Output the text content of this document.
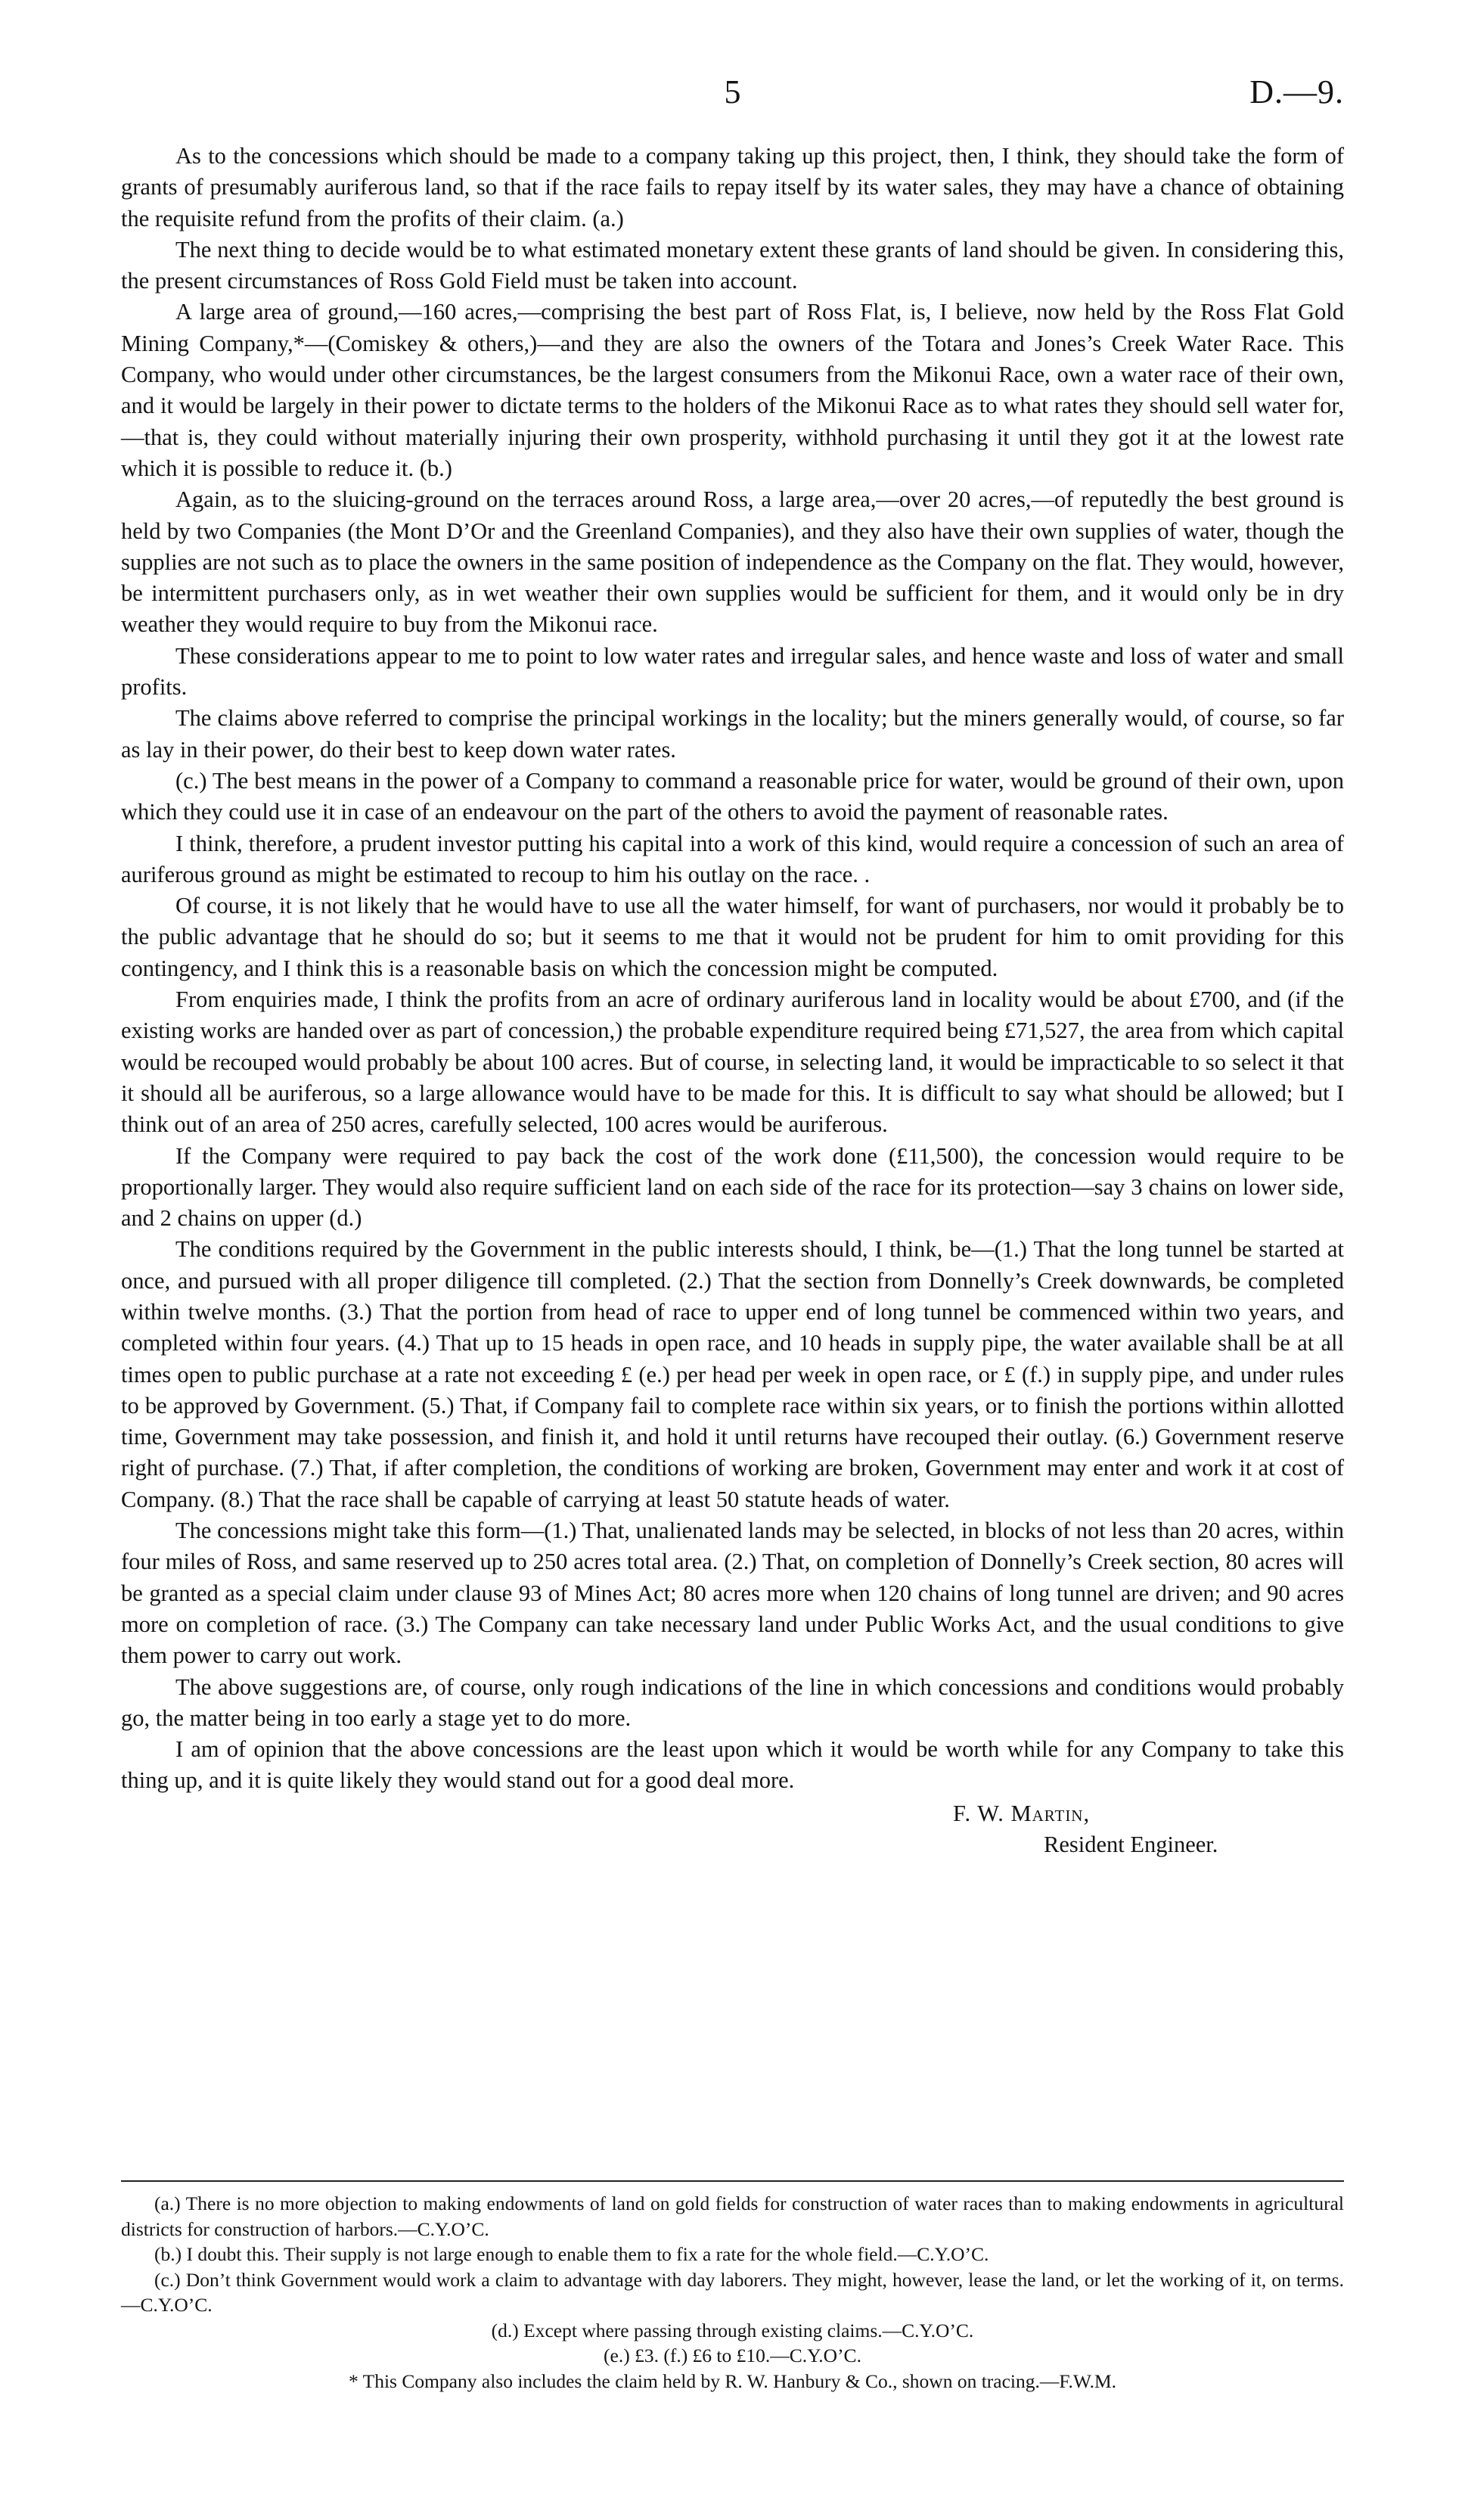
5	D.—9.

As to the concessions which should be made to a company taking up this project, then, I think, they should take the form of grants of presumably auriferous land, so that if the race fails to repay itself by its water sales, they may have a chance of obtaining the requisite refund from the profits of their claim. (a.)

The next thing to decide would be to what estimated monetary extent these grants of land should be given. In considering this, the present circumstances of Ross Gold Field must be taken into account.

A large area of ground,—160 acres,—comprising the best part of Ross Flat, is, I believe, now held by the Ross Flat Gold Mining Company,*—(Comiskey & others,)—and they are also the owners of the Totara and Jones’s Creek Water Race. This Company, who would under other circumstances, be the largest consumers from the Mikonui Race, own a water race of their own, and it would be largely in their power to dictate terms to the holders of the Mikonui Race as to what rates they should sell water for,—that is, they could without materially injuring their own prosperity, withhold purchasing it until they got it at the lowest rate which it is possible to reduce it. (b.)

Again, as to the sluicing-ground on the terraces around Ross, a large area,—over 20 acres,—of reputedly the best ground is held by two Companies (the Mont D’Or and the Greenland Companies), and they also have their own supplies of water, though the supplies are not such as to place the owners in the same position of independence as the Company on the flat. They would, however, be intermittent purchasers only, as in wet weather their own supplies would be sufficient for them, and it would only be in dry weather they would require to buy from the Mikonui race.

These considerations appear to me to point to low water rates and irregular sales, and hence waste and loss of water and small profits.

The claims above referred to comprise the principal workings in the locality; but the miners generally would, of course, so far as lay in their power, do their best to keep down water rates.

(c.) The best means in the power of a Company to command a reasonable price for water, would be ground of their own, upon which they could use it in case of an endeavour on the part of the others to avoid the payment of reasonable rates.

I think, therefore, a prudent investor putting his capital into a work of this kind, would require a concession of such an area of auriferous ground as might be estimated to recoup to him his outlay on the race. .

Of course, it is not likely that he would have to use all the water himself, for want of purchasers, nor would it probably be to the public advantage that he should do so; but it seems to me that it would not be prudent for him to omit providing for this contingency, and I think this is a reasonable basis on which the concession might be computed.

From enquiries made, I think the profits from an acre of ordinary auriferous land in locality would be about £700, and (if the existing works are handed over as part of concession,) the probable expenditure required being £71,527, the area from which capital would be recouped would probably be about 100 acres. But of course, in selecting land, it would be impracticable to so select it that it should all be auriferous, so a large allowance would have to be made for this. It is difficult to say what should be allowed; but I think out of an area of 250 acres, carefully selected, 100 acres would be auriferous.

If the Company were required to pay back the cost of the work done (£11,500), the concession would require to be proportionally larger. They would also require sufficient land on each side of the race for its protection—say 3 chains on lower side, and 2 chains on upper (d.)

The conditions required by the Government in the public interests should, I think, be—(1.) That the long tunnel be started at once, and pursued with all proper diligence till completed. (2.) That the section from Donnelly’s Creek downwards, be completed within twelve months. (3.) That the portion from head of race to upper end of long tunnel be commenced within two years, and completed within four years. (4.) That up to 15 heads in open race, and 10 heads in supply pipe, the water available shall be at all times open to public purchase at a rate not exceeding £ (e.) per head per week in open race, or £ (f.) in supply pipe, and under rules to be approved by Government. (5.) That, if Company fail to complete race within six years, or to finish the portions within allotted time, Government may take possession, and finish it, and hold it until returns have recouped their outlay. (6.) Government reserve right of purchase. (7.) That, if after completion, the conditions of working are broken, Government may enter and work it at cost of Company. (8.) That the race shall be capable of carrying at least 50 statute heads of water.

The concessions might take this form—(1.) That, unalienated lands may be selected, in blocks of not less than 20 acres, within four miles of Ross, and same reserved up to 250 acres total area. (2.) That, on completion of Donnelly’s Creek section, 80 acres will be granted as a special claim under clause 93 of Mines Act; 80 acres more when 120 chains of long tunnel are driven; and 90 acres more on completion of race. (3.) The Company can take necessary land under Public Works Act, and the usual conditions to give them power to carry out work.

The above suggestions are, of course, only rough indications of the line in which concessions and conditions would probably go, the matter being in too early a stage yet to do more.

I am of opinion that the above concessions are the least upon which it would be worth while for any Company to take this thing up, and it is quite likely they would stand out for a good deal more.

F. W. Martin,
Resident Engineer.

(a.) There is no more objection to making endowments of land on gold fields for construction of water races than to making endowments in agricultural districts for construction of harbors.—C.Y.O’C.

(b.) I doubt this. Their supply is not large enough to enable them to fix a rate for the whole field.—C.Y.O’C.

(c.) Don’t think Government would work a claim to advantage with day laborers. They might, however, lease the land, or let the working of it, on terms.—C.Y.O’C.

(d.) Except where passing through existing claims.—C.Y.O’C.

(e.) £3. (f.) £6 to £10.—C.Y.O’C.

* This Company also includes the claim held by R. W. Hanbury & Co., shown on tracing.—F.W.M.
